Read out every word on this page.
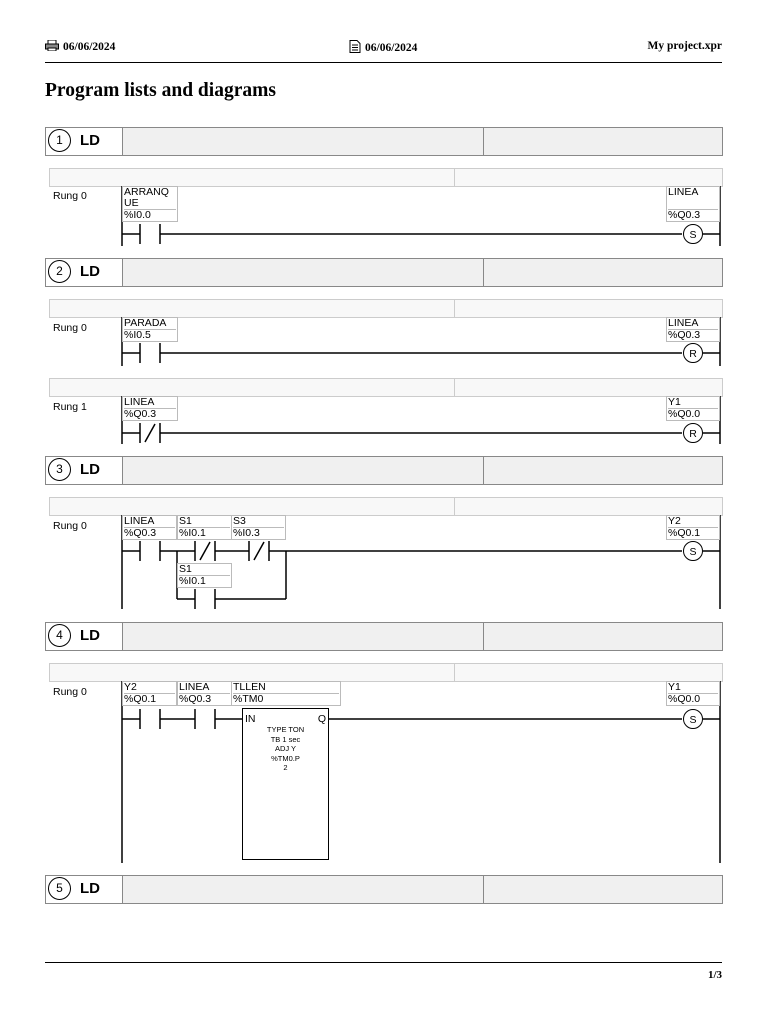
06/06/2024	06/06/2024	My project.xpr
Program lists and diagrams
1	LD
2	LD
3	LD
4	LD
5	LD
Rung 0
Rung 0
Rung 1
Rung 0
Rung 0
ARRANQ UE
%I0.0
LINEA
%Q0.3
S
PARADA
%I0.5
LINEA
%Q0.3
R
LINEA
%Q0.3
Y1
%Q0.0
R
LINEA
%Q0.3
S1
%I0.1
S3
%I0.3
S1
%I0.1
Y2
%Q0.1
S
Y2
%Q0.1
LINEA
%Q0.3
TLLEN
%TM0
Y1
%Q0.0
S
IN	Q
TYPE TON
TB 1 sec
ADJ Y
%TM0.P
2
1/3
